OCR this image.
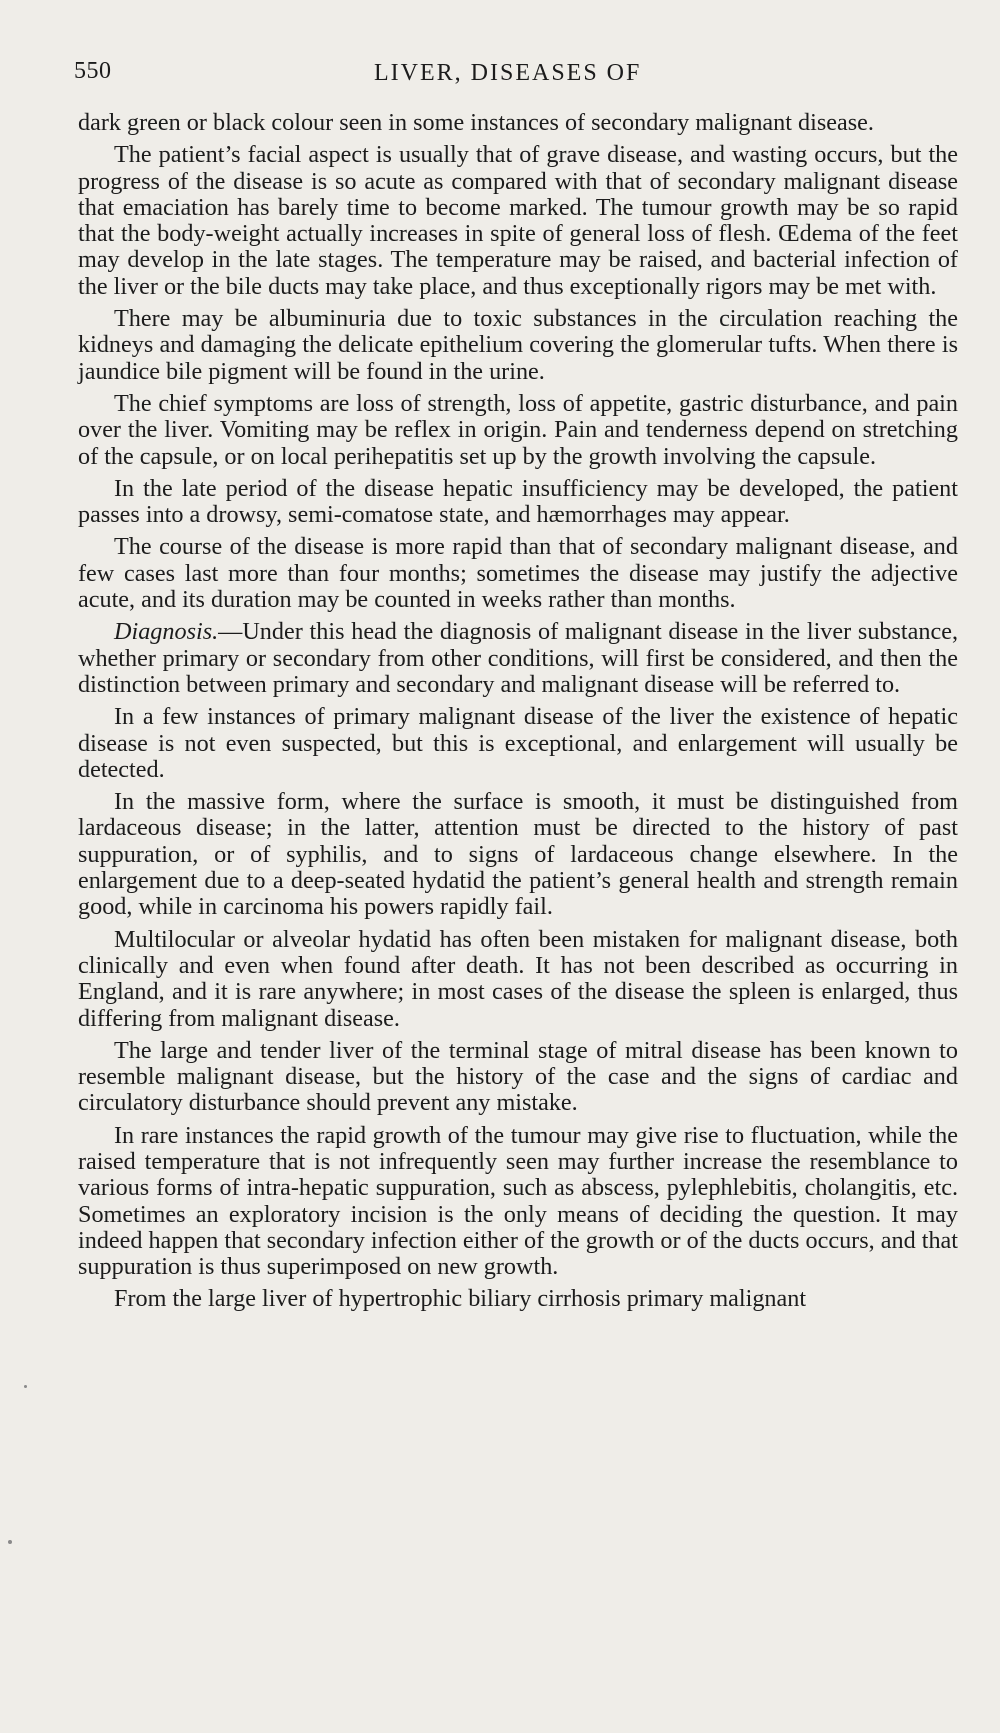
550	LIVER, DISEASES OF

dark green or black colour seen in some instances of secondary malignant disease.

The patient’s facial aspect is usually that of grave disease, and wasting occurs, but the progress of the disease is so acute as compared with that of secondary malignant disease that emaciation has barely time to become marked. The tumour growth may be so rapid that the body-weight actually increases in spite of general loss of flesh. Œdema of the feet may develop in the late stages. The temperature may be raised, and bacterial infection of the liver or the bile ducts may take place, and thus exceptionally rigors may be met with.

There may be albuminuria due to toxic substances in the circulation reaching the kidneys and damaging the delicate epithelium covering the glomerular tufts. When there is jaundice bile pigment will be found in the urine.

The chief symptoms are loss of strength, loss of appetite, gastric disturbance, and pain over the liver. Vomiting may be reflex in origin. Pain and tenderness depend on stretching of the capsule, or on local perihepatitis set up by the growth involving the capsule.

In the late period of the disease hepatic insufficiency may be developed, the patient passes into a drowsy, semi-comatose state, and hæmorrhages may appear.

The course of the disease is more rapid than that of secondary malignant disease, and few cases last more than four months; sometimes the disease may justify the adjective acute, and its duration may be counted in weeks rather than months.

Diagnosis.—Under this head the diagnosis of malignant disease in the liver substance, whether primary or secondary from other conditions, will first be considered, and then the distinction between primary and secondary and malignant disease will be referred to.

In a few instances of primary malignant disease of the liver the existence of hepatic disease is not even suspected, but this is exceptional, and enlargement will usually be detected.

In the massive form, where the surface is smooth, it must be distinguished from lardaceous disease; in the latter, attention must be directed to the history of past suppuration, or of syphilis, and to signs of lardaceous change elsewhere. In the enlargement due to a deep-seated hydatid the patient’s general health and strength remain good, while in carcinoma his powers rapidly fail.

Multilocular or alveolar hydatid has often been mistaken for malignant disease, both clinically and even when found after death. It has not been described as occurring in England, and it is rare anywhere; in most cases of the disease the spleen is enlarged, thus differing from malignant disease.

The large and tender liver of the terminal stage of mitral disease has been known to resemble malignant disease, but the history of the case and the signs of cardiac and circulatory disturbance should prevent any mistake.

In rare instances the rapid growth of the tumour may give rise to fluctuation, while the raised temperature that is not infrequently seen may further increase the resemblance to various forms of intra-hepatic suppuration, such as abscess, pylephlebitis, cholangitis, etc. Sometimes an exploratory incision is the only means of deciding the question. It may indeed happen that secondary infection either of the growth or of the ducts occurs, and that suppuration is thus superimposed on new growth.

From the large liver of hypertrophic biliary cirrhosis primary malignant
